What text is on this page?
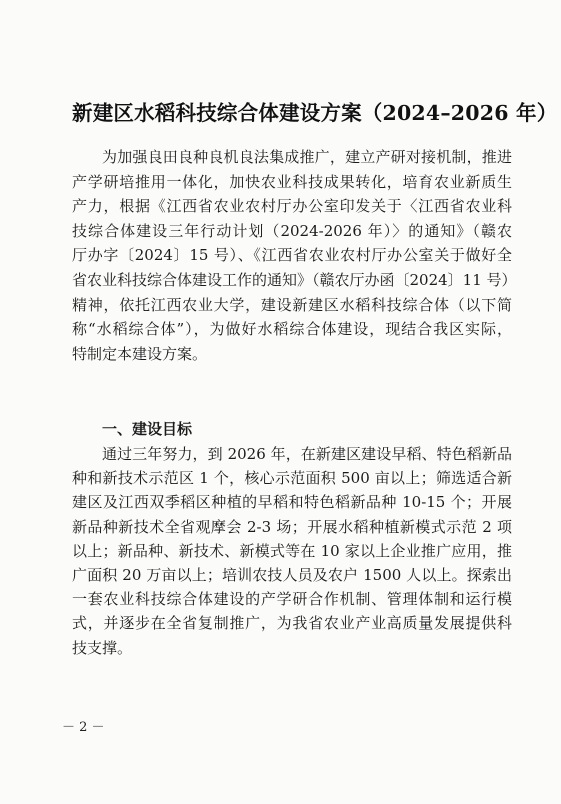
新建区水稻科技综合体建设方案（2024–2026 年）
为加强良田良种良机良法集成推广，建立产研对接机制，推进
产学研培推用一体化，加快农业科技成果转化，培育农业新质生
产力，根据《江西省农业农村厅办公室印发关于〈江西省农业科
技综合体建设三年行动计划（2024-2026 年）〉的通知》（赣农
厅办字〔2024〕15 号）、《江西省农业农村厅办公室关于做好全
省农业科技综合体建设工作的通知》（赣农厅办函〔2024〕11 号）
精神，依托江西农业大学，建设新建区水稻科技综合体（以下简
称“水稻综合体”），为做好水稻综合体建设，现结合我区实际，
特制定本建设方案。
一、建设目标
通过三年努力，到 2026 年，在新建区建设早稻、特色稻新品
种和新技术示范区 1 个，核心示范面积 500 亩以上；筛选适合新
建区及江西双季稻区种植的早稻和特色稻新品种 10-15 个；开展
新品种新技术全省观摩会 2-3 场；开展水稻种植新模式示范 2 项
以上；新品种、新技术、新模式等在 10 家以上企业推广应用，推
广面积 20 万亩以上；培训农技人员及农户 1500 人以上。探索出
一套农业科技综合体建设的产学研合作机制、管理体制和运行模
式，并逐步在全省复制推广，为我省农业产业高质量发展提供科
技支撑。
－ 2 －
